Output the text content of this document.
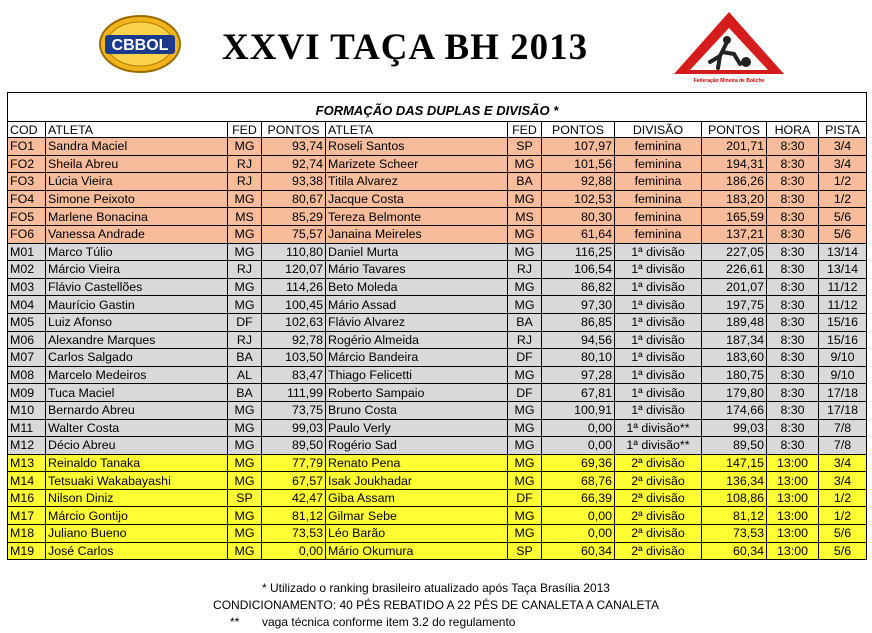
CBBOL XXVI TAÇA BH 2013
Federação Mineira de Boliche
FORMAÇÃO DAS DUPLAS E DIVISÃO *										
COD	ATLETA	FED	PONTOS	ATLETA	FED	PONTOS	DIVISÃO	PONTOS	HORA	PISTA
FO1	Sandra Maciel	MG	93,74	Roseli Santos	SP	107,97	feminina	201,71	8:30	3/4
FO2	Sheila Abreu	RJ	92,74	Marizete Scheer	MG	101,56	feminina	194,31	8:30	3/4
FO3	Lúcia Vieira	RJ	93,38	Titila Alvarez	BA	92,88	feminina	186,26	8:30	1/2
FO4	Simone Peixoto	MG	80,67	Jacque Costa	MG	102,53	feminina	183,20	8:30	1/2
FO5	Marlene Bonacina	MS	85,29	Tereza Belmonte	MS	80,30	feminina	165,59	8:30	5/6
FO6	Vanessa Andrade	MG	75,57	Janaina Meireles	MG	61,64	feminina	137,21	8:30	5/6
M01	Marco Túlio	MG	110,80	Daniel Murta	MG	116,25	1ª divisão	227,05	8:30	13/14
M02	Márcio Vieira	RJ	120,07	Mário Tavares	RJ	106,54	1ª divisão	226,61	8:30	13/14
M03	Flávio Castellões	MG	114,26	Beto Moleda	MG	86,82	1ª divisão	201,07	8:30	11/12
M04	Maurício Gastin	MG	100,45	Mário Assad	MG	97,30	1ª divisão	197,75	8:30	11/12
M05	Luiz Afonso	DF	102,63	Flávio Alvarez	BA	86,85	1ª divisão	189,48	8:30	15/16
M06	Alexandre Marques	RJ	92,78	Rogério Almeida	RJ	94,56	1ª divisão	187,34	8:30	15/16
M07	Carlos Salgado	BA	103,50	Márcio Bandeira	DF	80,10	1ª divisão	183,60	8:30	9/10
M08	Marcelo Medeiros	AL	83,47	Thiago Felicetti	MG	97,28	1ª divisão	180,75	8:30	9/10
M09	Tuca Maciel	BA	111,99	Roberto Sampaio	DF	67,81	1ª divisão	179,80	8:30	17/18
M10	Bernardo Abreu	MG	73,75	Bruno Costa	MG	100,91	1ª divisão	174,66	8:30	17/18
M11	Walter Costa	MG	99,03	Paulo Verly	MG	0,00	1ª divisão**	99,03	8:30	7/8
M12	Décio Abreu	MG	89,50	Rogério Sad	MG	0,00	1ª divisão**	89,50	8:30	7/8
M13	Reinaldo Tanaka	MG	77,79	Renato Pena	MG	69,36	2ª divisão	147,15	13:00	3/4
M14	Tetsuaki Wakabayashi	MG	67,57	Isak Joukhadar	MG	68,76	2ª divisão	136,34	13:00	3/4
M16	Nilson Diniz	SP	42,47	Giba Assam	DF	66,39	2ª divisão	108,86	13:00	1/2
M17	Márcio Gontijo	MG	81,12	Gilmar Sebe	MG	0,00	2ª divisão	81,12	13:00	1/2
M18	Juliano Bueno	MG	73,53	Léo Barão	MG	0,00	2ª divisão	73,53	13:00	5/6
M19	José Carlos	MG	0,00	Mário Okumura	SP	60,34	2ª divisão	60,34	13:00	5/6
* Utilizado o ranking brasileiro atualizado após Taça Brasília 2013
CONDICIONAMENTO: 40 PÉS REBATIDO A 22 PÉS DE CANALETA A CANALETA
** vaga técnica conforme item 3.2 do regulamento
